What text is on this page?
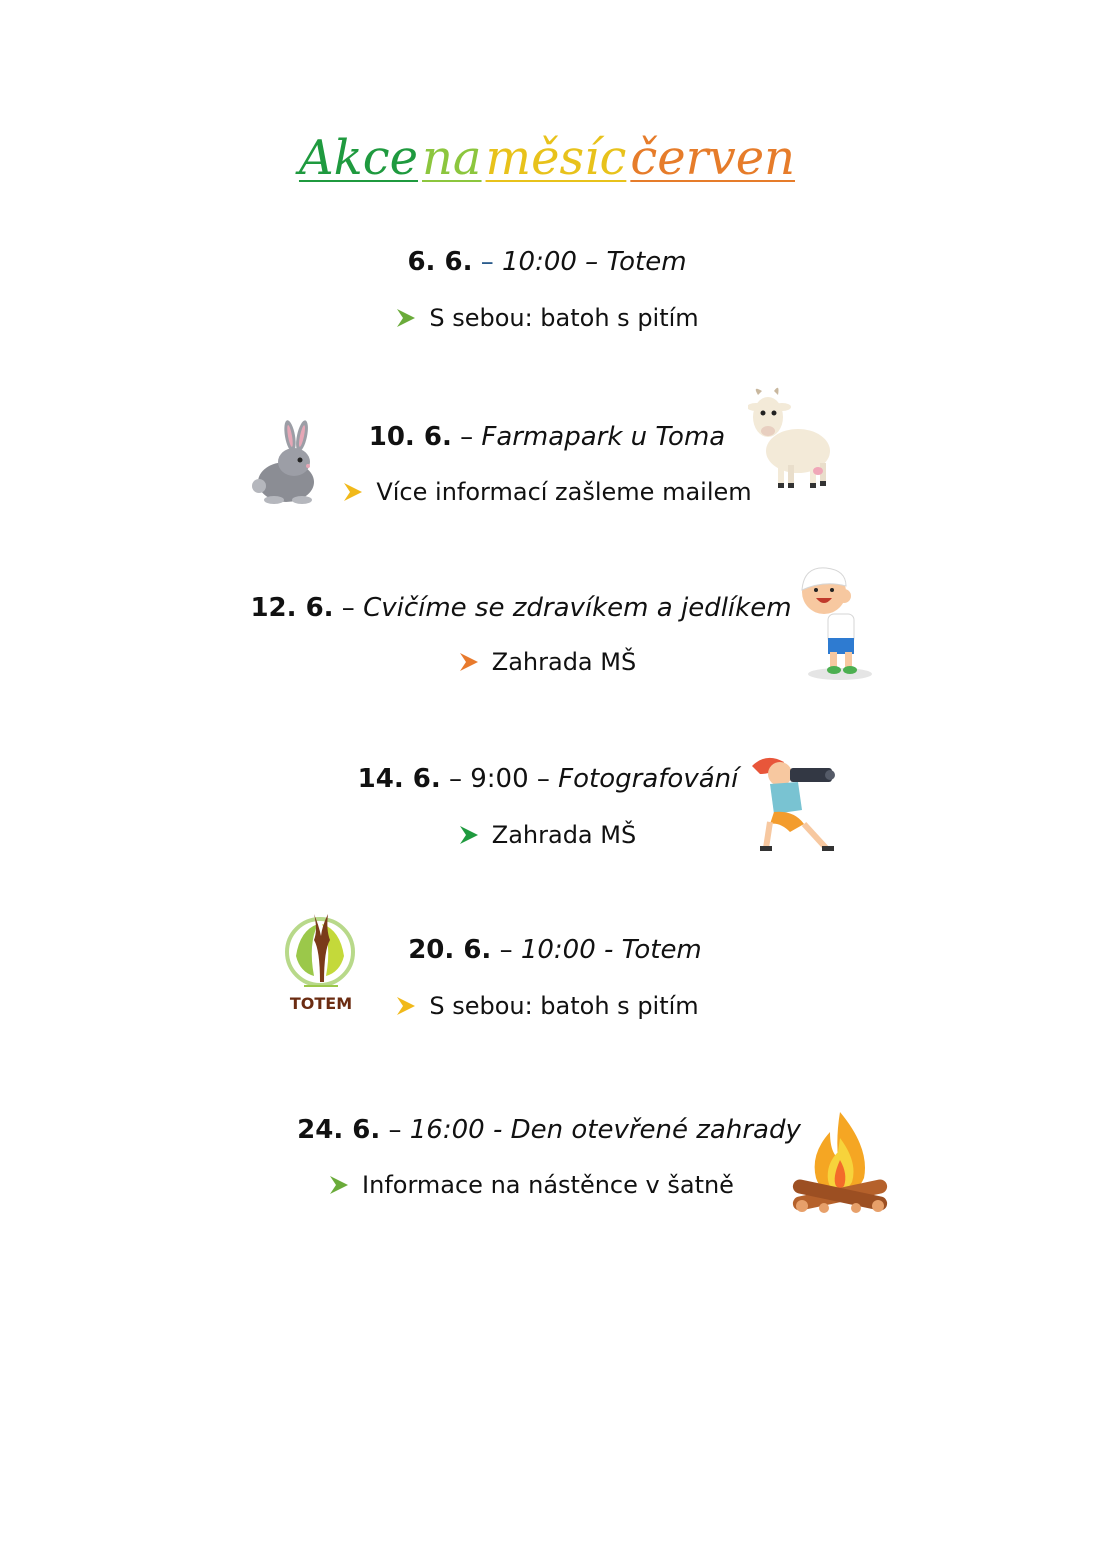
Akcenaměsícčerven
6. 6. – 10:00 – Totem
S sebou: batoh s pitím
10. 6. – Farmapark u Toma
Více informací zašleme mailem
12. 6. – Cvičíme se zdravíkem a jedlíkem
Zahrada MŠ
14. 6. – 9:00 – Fotografování
Zahrada MŠ
20. 6. – 10:00 - Totem
S sebou: batoh s pitím
TOTEM
24. 6. – 16:00 - Den otevřené zahrady
Informace na nástěnce v šatně
